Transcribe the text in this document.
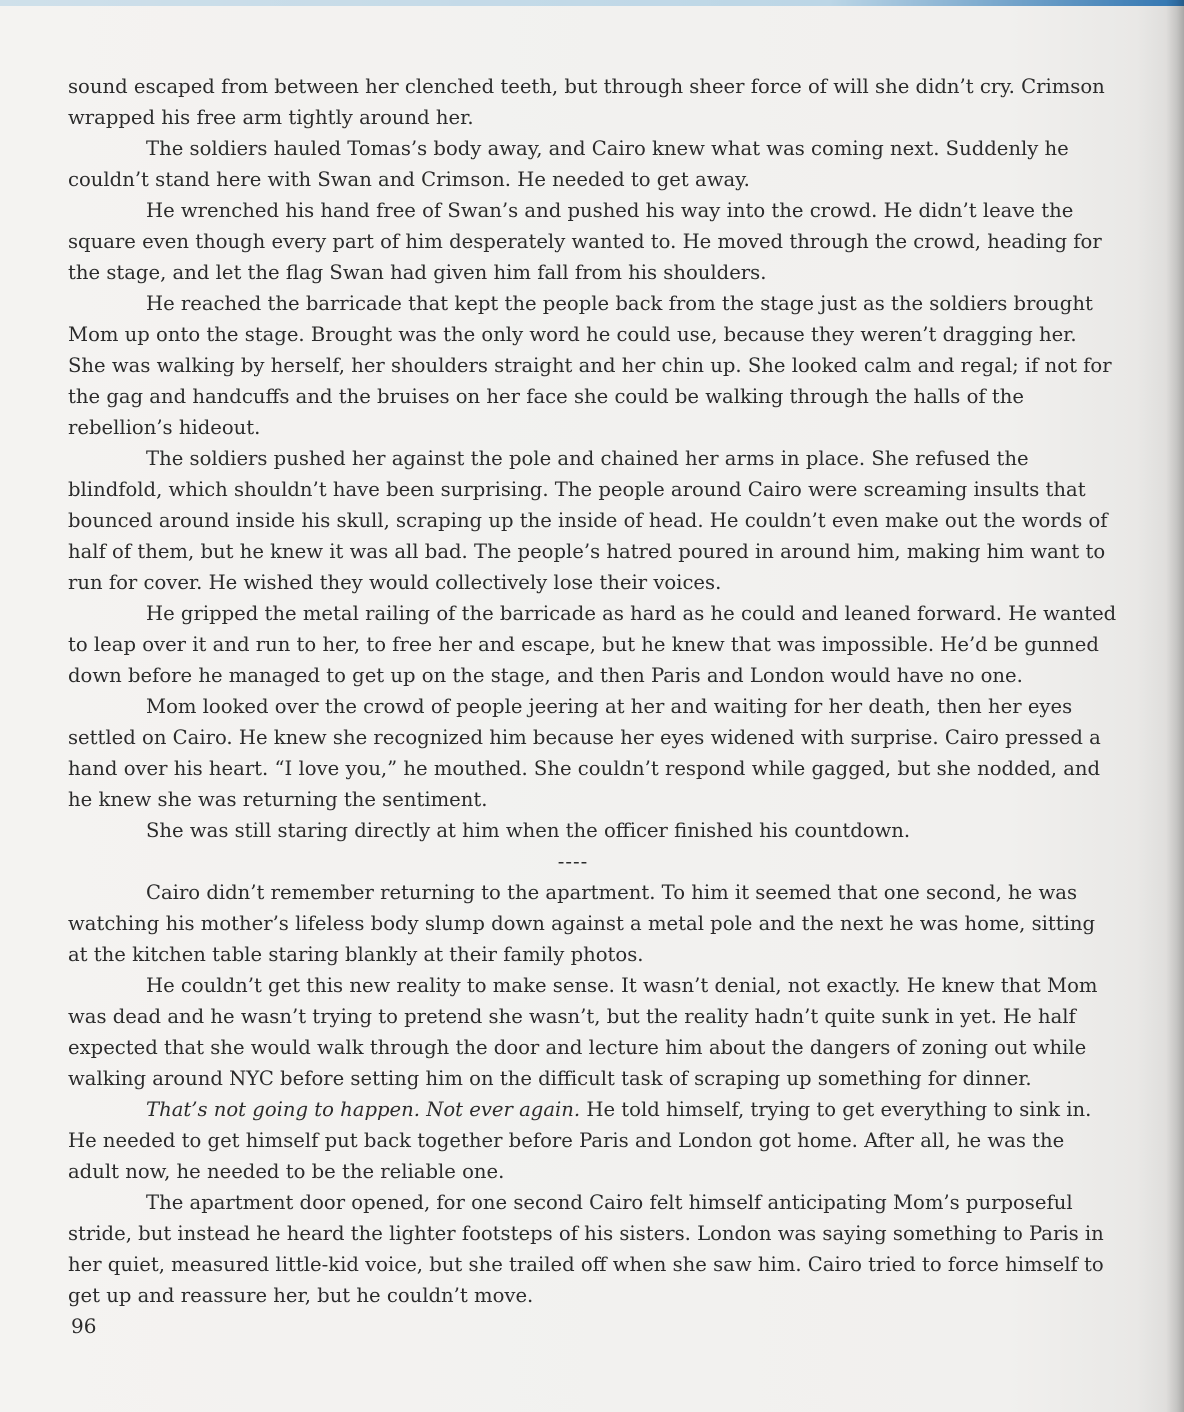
sound escaped from between her clenched teeth, but through sheer force of will she didn’t cry. Crimson wrapped his free arm tightly around her.

The soldiers hauled Tomas’s body away, and Cairo knew what was coming next. Suddenly he couldn’t stand here with Swan and Crimson. He needed to get away.

He wrenched his hand free of Swan’s and pushed his way into the crowd. He didn’t leave the square even though every part of him desperately wanted to. He moved through the crowd, heading for the stage, and let the flag Swan had given him fall from his shoulders.

He reached the barricade that kept the people back from the stage just as the soldiers brought Mom up onto the stage. Brought was the only word he could use, because they weren’t dragging her. She was walking by herself, her shoulders straight and her chin up. She looked calm and regal; if not for the gag and handcuffs and the bruises on her face she could be walking through the halls of the rebellion’s hideout.

The soldiers pushed her against the pole and chained her arms in place. She refused the blindfold, which shouldn’t have been surprising. The people around Cairo were screaming insults that bounced around inside his skull, scraping up the inside of head. He couldn’t even make out the words of half of them, but he knew it was all bad. The people’s hatred poured in around him, making him want to run for cover. He wished they would collectively lose their voices.

He gripped the metal railing of the barricade as hard as he could and leaned forward. He wanted to leap over it and run to her, to free her and escape, but he knew that was impossible. He’d be gunned down before he managed to get up on the stage, and then Paris and London would have no one.

Mom looked over the crowd of people jeering at her and waiting for her death, then her eyes settled on Cairo. He knew she recognized him because her eyes widened with surprise. Cairo pressed a hand over his heart. “I love you,” he mouthed. She couldn’t respond while gagged, but she nodded, and he knew she was returning the sentiment.

She was still staring directly at him when the officer finished his countdown.

----

Cairo didn’t remember returning to the apartment. To him it seemed that one second, he was watching his mother’s lifeless body slump down against a metal pole and the next he was home, sitting at the kitchen table staring blankly at their family photos.

He couldn’t get this new reality to make sense. It wasn’t denial, not exactly. He knew that Mom was dead and he wasn’t trying to pretend she wasn’t, but the reality hadn’t quite sunk in yet. He half expected that she would walk through the door and lecture him about the dangers of zoning out while walking around NYC before setting him on the difficult task of scraping up something for dinner.

That’s not going to happen. Not ever again. He told himself, trying to get everything to sink in. He needed to get himself put back together before Paris and London got home. After all, he was the adult now, he needed to be the reliable one.

The apartment door opened, for one second Cairo felt himself anticipating Mom’s purposeful stride, but instead he heard the lighter footsteps of his sisters. London was saying something to Paris in her quiet, measured little-kid voice, but she trailed off when she saw him. Cairo tried to force himself to get up and reassure her, but he couldn’t move.

96
